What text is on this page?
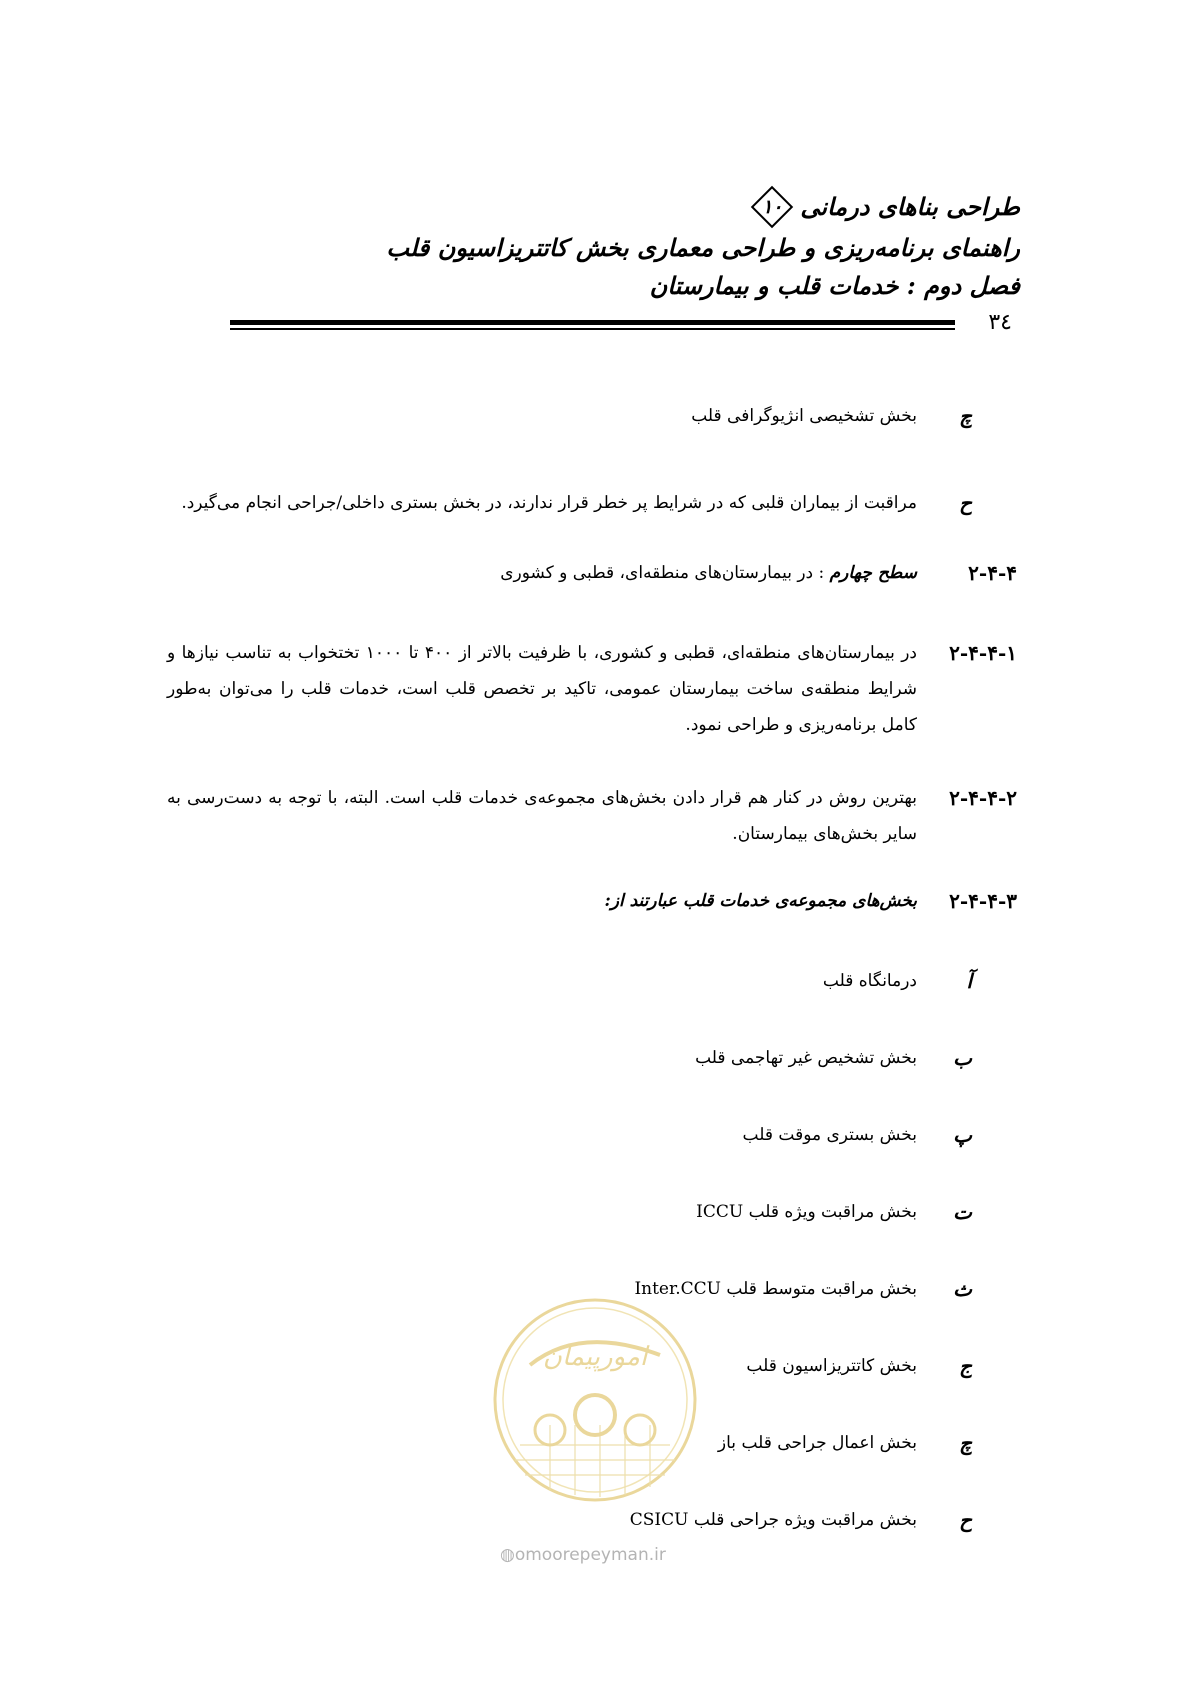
طراحی بناهای درمانی
۱۰
راهنمای برنامه‌ریزی و طراحی معماری بخش کاتتریزاسیون قلب
فصل دوم : خدمات قلب و بیمارستان
٣٤
چ
بخش تشخیصی انژیوگرافی قلب
ح
مراقبت از بیماران قلبی که در شرایط پر خطر قرار ندارند، در بخش بستری داخلی/جراحی انجام می‌گیرد.
۲-۴-۴
سطح چهارم : در بیمارستان‌های منطقه‌ای، قطبی و کشوری
۲-۴-۴-۱
در بیمارستان‌های منطقه‌ای، قطبی و کشوری، با ظرفیت بالاتر از ۴۰۰ تا ۱۰۰۰ تختخواب به تناسب نیازها و شرایط منطقه‌ی ساخت بیمارستان عمومی، تاکید بر تخصص قلب است، خدمات قلب را می‌توان به‌طور کامل برنامه‌ریزی و طراحی نمود.
۲-۴-۴-۲
بهترین روش در کنار هم قرار دادن بخش‌های مجموعه‌ی خدمات قلب است. البته، با توجه به دست‌رسی به سایر بخش‌های بیمارستان.
۲-۴-۴-۳
بخش‌های مجموعه‌ی خدمات قلب عبارتند از:
آ
درمانگاه قلب
ب
بخش تشخیص غیر تهاجمی قلب
پ
بخش بستری موقت قلب
ت
بخش مراقبت ویژه قلب ICCU
ث
بخش مراقبت متوسط قلب Inter.CCU
ج
بخش کاتتریزاسیون قلب
چ
بخش اعمال جراحی قلب باز
ح
بخش مراقبت ویژه جراحی قلب CSICU
امورپیمان
◍omoorepeyman.ir
